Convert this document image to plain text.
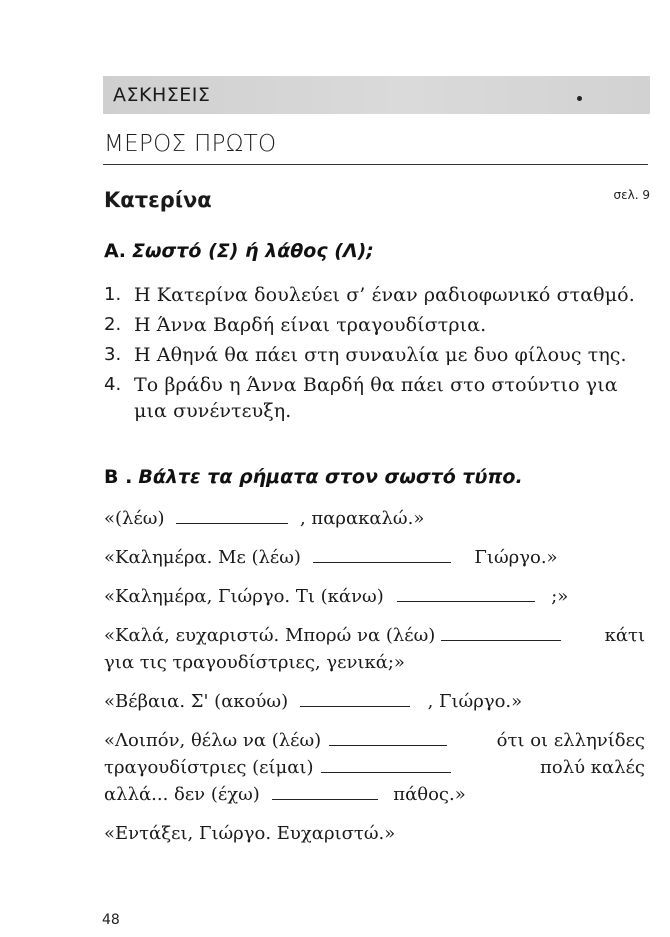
ΑΣΚΗΣΕΙΣ
ΜΕΡΟΣ ΠΡΩΤΟ
Κατερίνα	σελ. 9
Α. Σωστό (Σ) ή λάθος (Λ);
1. Η Κατερίνα δουλεύει σ’ έναν ραδιοφωνικό σταθμό.
2. Η Άννα Βαρδή είναι τραγουδίστρια.
3. Η Αθηνά θα πάει στη συναυλία με δυο φίλους της.
4. Το βράδυ η Άννα Βαρδή θα πάει στο στούντιο για
μια συνέντευξη.
Β . Βάλτε τα ρήματα στον σωστό τύπο.
«(λέω)	, παρακαλώ.»
«Καλημέρα. Με (λέω)	Γιώργο.»
«Καλημέρα, Γιώργο. Τι (κάνω)	;»
«Καλά, ευχαριστώ. Μπορώ να (λέω)	κάτι
για τις τραγουδίστριες, γενικά;»
«Βέβαια. Σ' (ακούω)	, Γιώργο.»
«Λοιπόν, θέλω να (λέω)	ότι οι ελληνίδες
τραγουδίστριες (είμαι)	πολύ καλές
αλλά... δεν (έχω)	πάθος.»
«Εντάξει, Γιώργο. Ευχαριστώ.»
48
